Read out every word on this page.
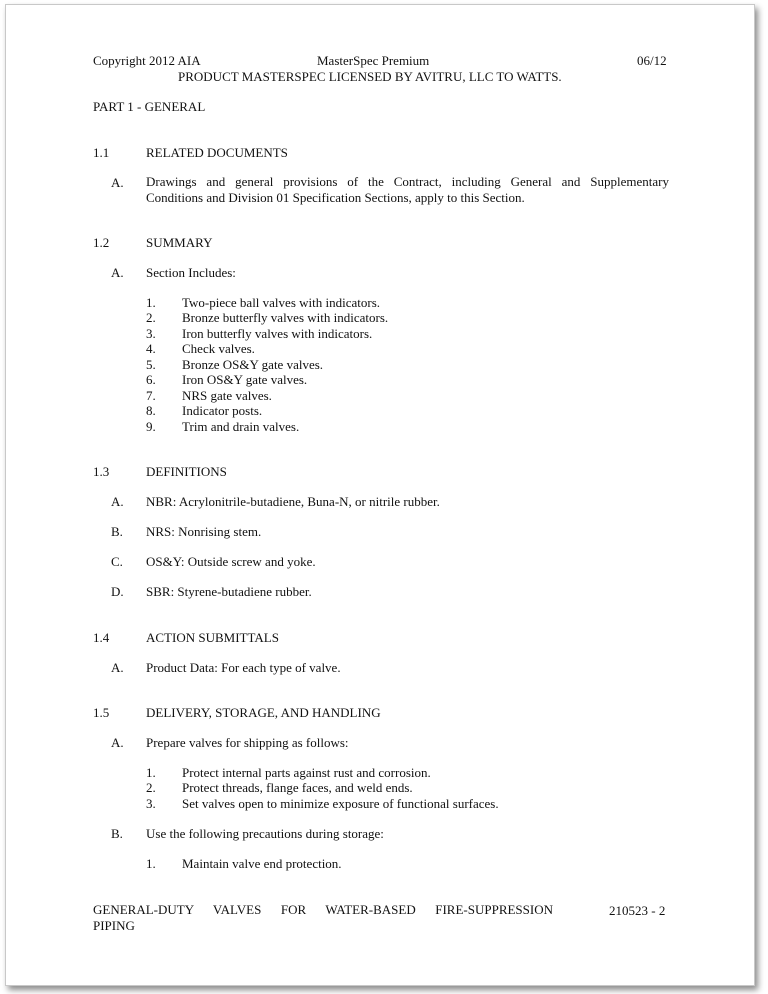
Copyright 2012 AIA	MasterSpec Premium	06/12
PRODUCT MASTERSPEC LICENSED BY AVITRU, LLC TO WATTS.
PART 1 - GENERAL
1.1	RELATED DOCUMENTS
A. Drawings and general provisions of the Contract, including General and Supplementary
Conditions and Division 01 Specification Sections, apply to this Section.
1.2	SUMMARY
A. Section Includes:
1. Two-piece ball valves with indicators.
2. Bronze butterfly valves with indicators.
3. Iron butterfly valves with indicators.
4. Check valves.
5. Bronze OS&Y gate valves.
6. Iron OS&Y gate valves.
7. NRS gate valves.
8. Indicator posts.
9. Trim and drain valves.
1.3	DEFINITIONS
A. NBR: Acrylonitrile-butadiene, Buna-N, or nitrile rubber.
B. NRS: Nonrising stem.
C. OS&Y: Outside screw and yoke.
D. SBR: Styrene-butadiene rubber.
1.4	ACTION SUBMITTALS
A. Product Data: For each type of valve.
1.5	DELIVERY, STORAGE, AND HANDLING
A. Prepare valves for shipping as follows:
1. Protect internal parts against rust and corrosion.
2. Protect threads, flange faces, and weld ends.
3. Set valves open to minimize exposure of functional surfaces.
B. Use the following precautions during storage:
1. Maintain valve end protection.
GENERAL-DUTY VALVES FOR WATER-BASED FIRE-SUPPRESSION
PIPING
210523 - 2
